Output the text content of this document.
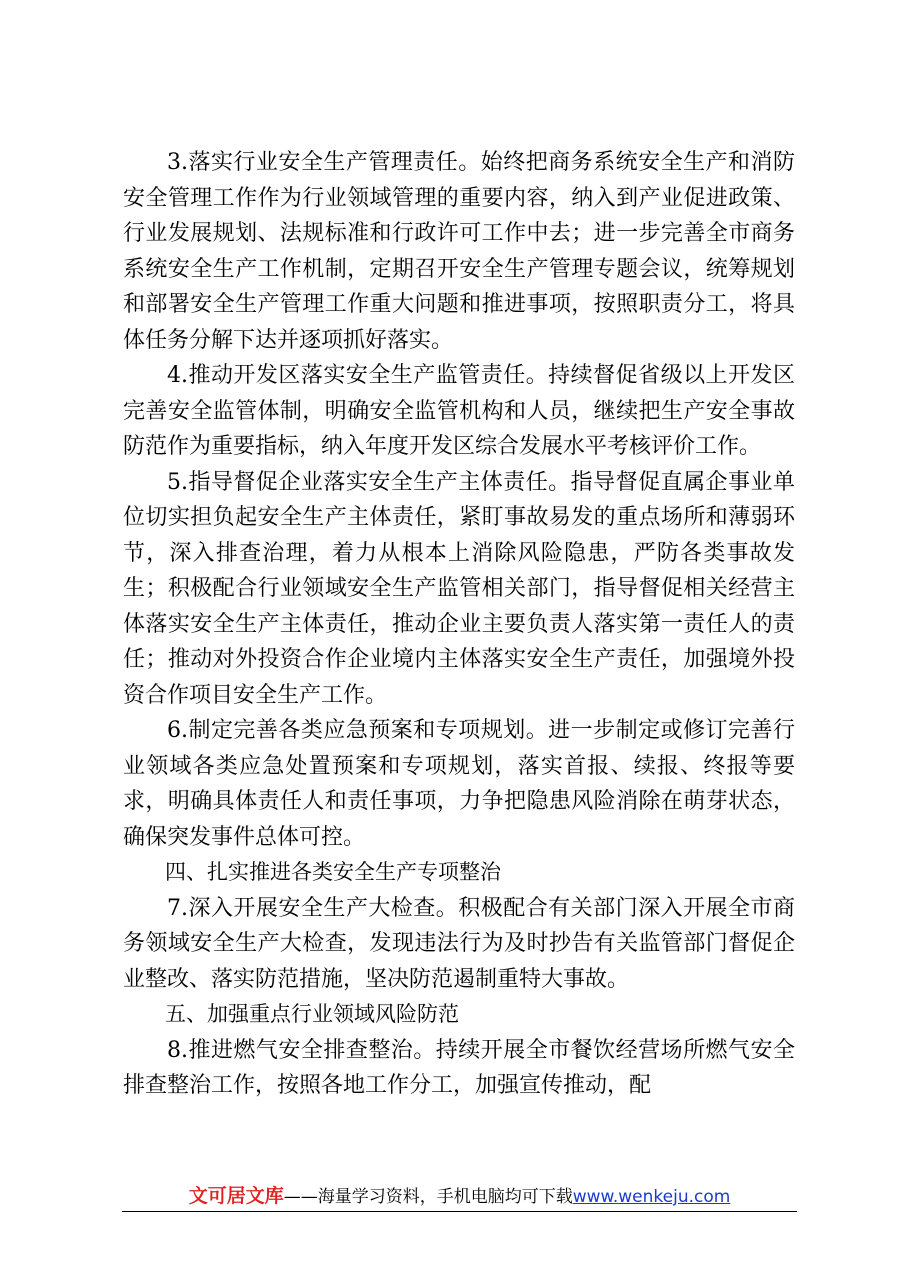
3.落实行业安全生产管理责任。始终把商务系统安全生产和消防安全管理工作作为行业领域管理的重要内容，纳入到产业促进政策、行业发展规划、法规标准和行政许可工作中去；进一步完善全市商务系统安全生产工作机制，定期召开安全生产管理专题会议，统筹规划和部署安全生产管理工作重大问题和推进事项，按照职责分工，将具体任务分解下达并逐项抓好落实。

4.推动开发区落实安全生产监管责任。持续督促省级以上开发区完善安全监管体制，明确安全监管机构和人员，继续把生产安全事故防范作为重要指标，纳入年度开发区综合发展水平考核评价工作。

5.指导督促企业落实安全生产主体责任。指导督促直属企事业单位切实担负起安全生产主体责任，紧盯事故易发的重点场所和薄弱环节，深入排查治理，着力从根本上消除风险隐患，严防各类事故发生；积极配合行业领域安全生产监管相关部门，指导督促相关经营主体落实安全生产主体责任，推动企业主要负责人落实第一责任人的责任；推动对外投资合作企业境内主体落实安全生产责任，加强境外投资合作项目安全生产工作。

6.制定完善各类应急预案和专项规划。进一步制定或修订完善行业领域各类应急处置预案和专项规划，落实首报、续报、终报等要求，明确具体责任人和责任事项，力争把隐患风险消除在萌芽状态，确保突发事件总体可控。

四、扎实推进各类安全生产专项整治

7.深入开展安全生产大检查。积极配合有关部门深入开展全市商务领域安全生产大检查，发现违法行为及时抄告有关监管部门督促企业整改、落实防范措施，坚决防范遏制重特大事故。

五、加强重点行业领域风险防范

8.推进燃气安全排查整治。持续开展全市餐饮经营场所燃气安全排查整治工作，按照各地工作分工，加强宣传推动，配

文可居文库——海量学习资料，手机电脑均可下载www.wenkeju.com
